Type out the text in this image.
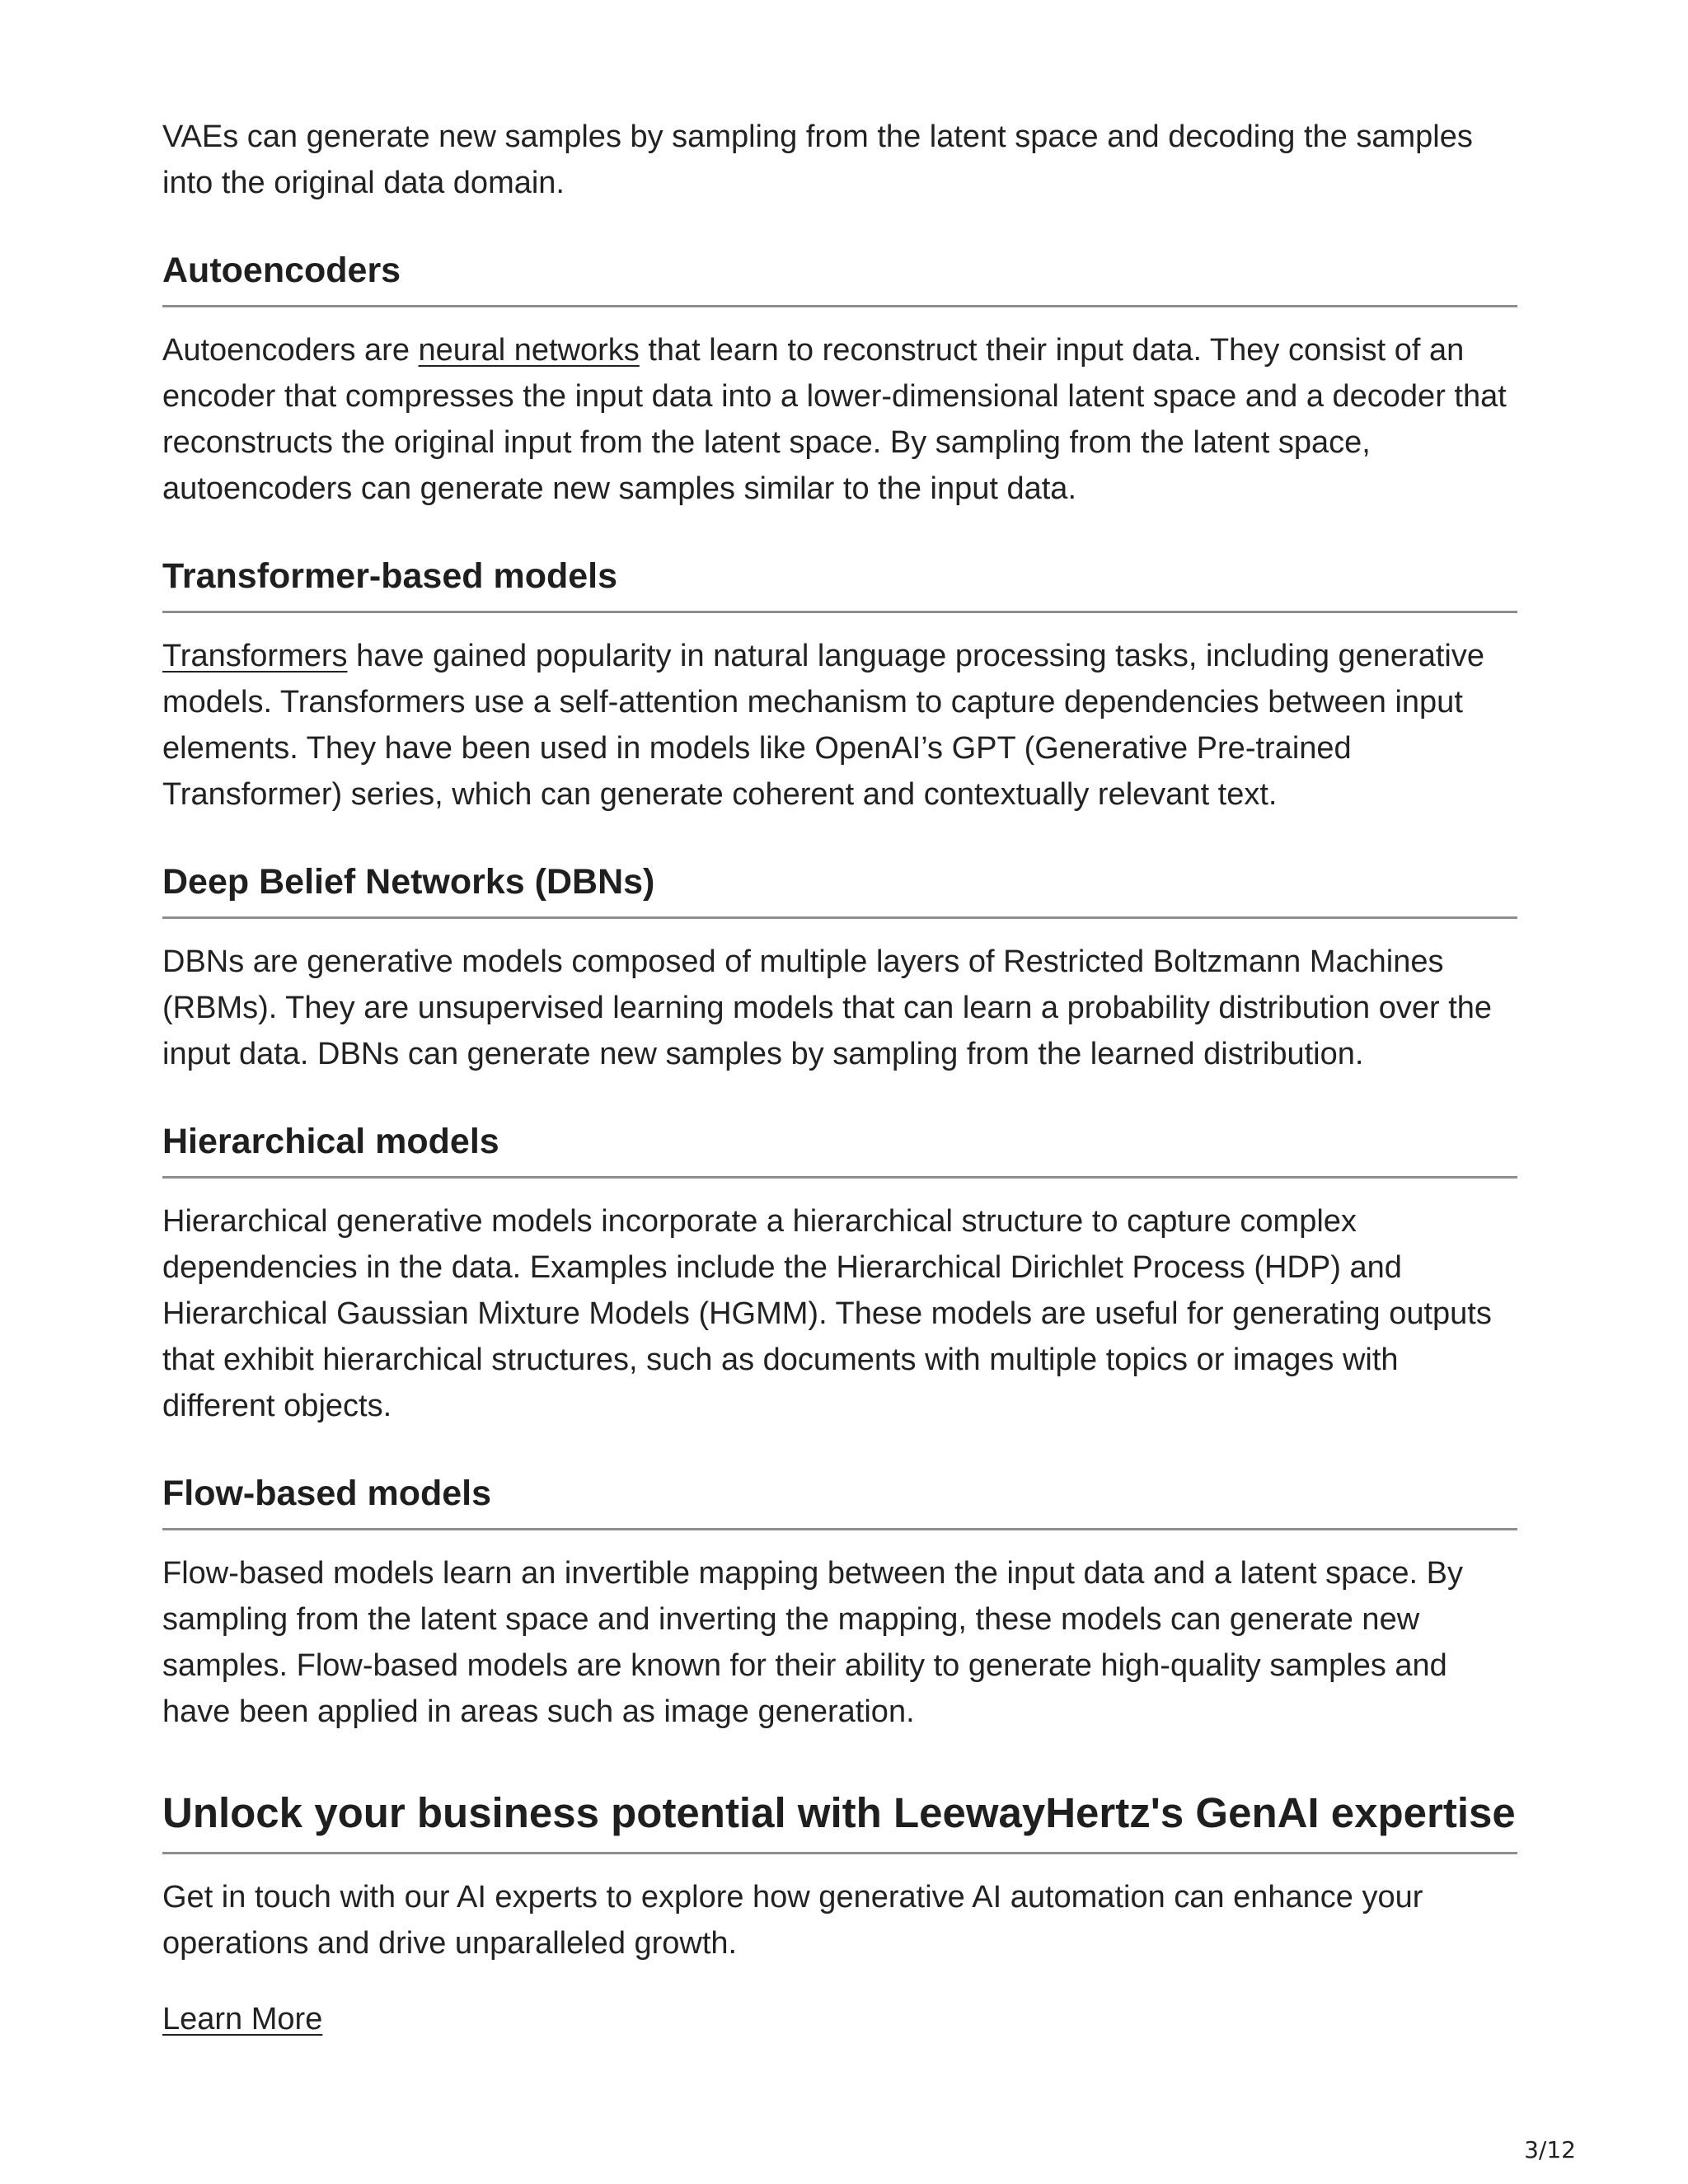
VAEs can generate new samples by sampling from the latent space and decoding the samples into the original data domain.

Autoencoders

Autoencoders are neural networks that learn to reconstruct their input data. They consist of an encoder that compresses the input data into a lower-dimensional latent space and a decoder that reconstructs the original input from the latent space. By sampling from the latent space, autoencoders can generate new samples similar to the input data.

Transformer-based models

Transformers have gained popularity in natural language processing tasks, including generative models. Transformers use a self-attention mechanism to capture dependencies between input elements. They have been used in models like OpenAI’s GPT (Generative Pre-trained Transformer) series, which can generate coherent and contextually relevant text.

Deep Belief Networks (DBNs)

DBNs are generative models composed of multiple layers of Restricted Boltzmann Machines (RBMs). They are unsupervised learning models that can learn a probability distribution over the input data. DBNs can generate new samples by sampling from the learned distribution.

Hierarchical models

Hierarchical generative models incorporate a hierarchical structure to capture complex dependencies in the data. Examples include the Hierarchical Dirichlet Process (HDP) and Hierarchical Gaussian Mixture Models (HGMM). These models are useful for generating outputs that exhibit hierarchical structures, such as documents with multiple topics or images with different objects.

Flow-based models

Flow-based models learn an invertible mapping between the input data and a latent space. By sampling from the latent space and inverting the mapping, these models can generate new samples. Flow-based models are known for their ability to generate high-quality samples and have been applied in areas such as image generation.

Unlock your business potential with LeewayHertz's GenAI expertise

Get in touch with our AI experts to explore how generative AI automation can enhance your operations and drive unparalleled growth.

Learn More

3/12
